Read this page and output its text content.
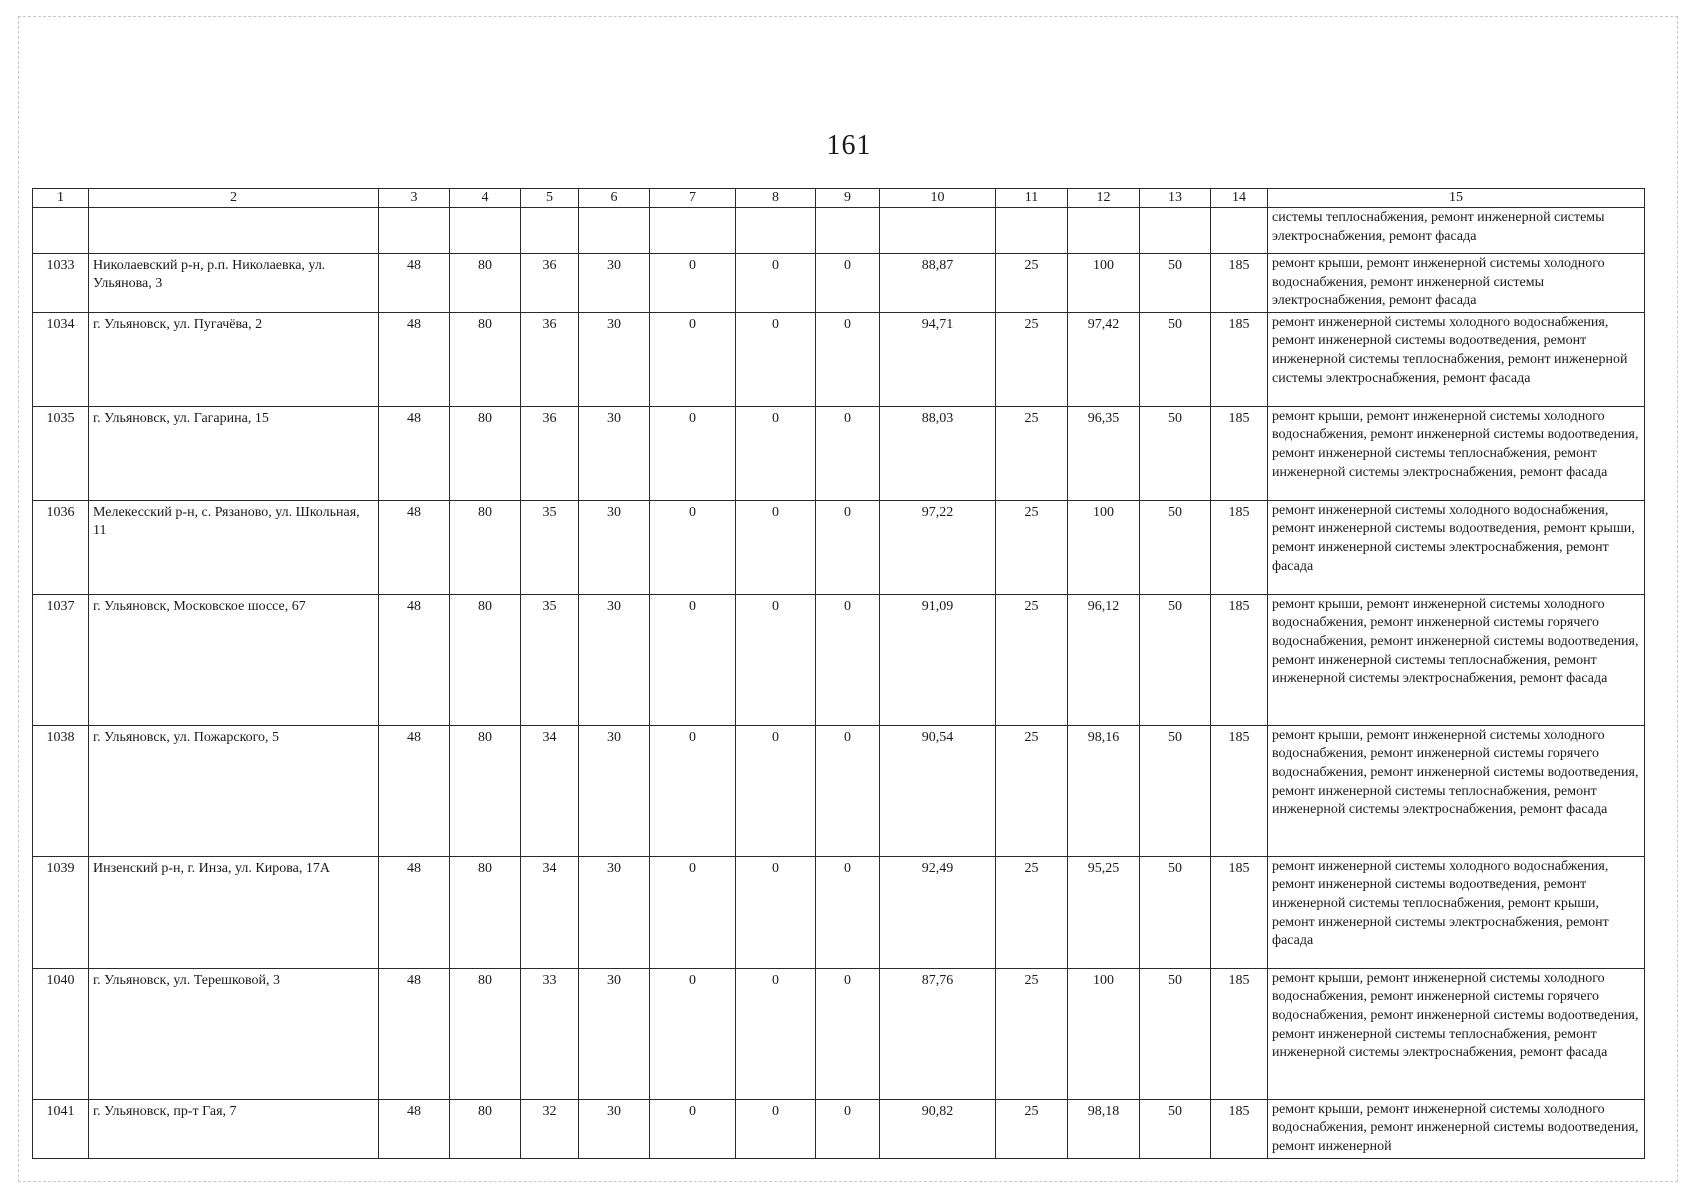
161
1	2	3	4	5	6	7	8	9	10	11	12	13	14	15
														системы теплоснабжения, ремонт инженерной системы электроснабжения, ремонт фасада
1033	Николаевский р-н, р.п. Николаевка, ул. Ульянова, 3	48	80	36	30	0	0	0	88,87	25	100	50	185	ремонт крыши, ремонт инженерной системы холодного водоснабжения, ремонт инженерной системы электроснабжения, ремонт фасада
1034	г. Ульяновск, ул. Пугачёва, 2	48	80	36	30	0	0	0	94,71	25	97,42	50	185	ремонт инженерной системы холодного водоснабжения, ремонт инженерной системы водоотведения, ремонт инженерной системы теплоснабжения, ремонт инженерной системы электроснабжения, ремонт фасада
1035	г. Ульяновск, ул. Гагарина, 15	48	80	36	30	0	0	0	88,03	25	96,35	50	185	ремонт крыши, ремонт инженерной системы холодного водоснабжения, ремонт инженерной системы водоотведения, ремонт инженерной системы теплоснабжения, ремонт инженерной системы электроснабжения, ремонт фасада
1036	Мелекесский р-н, с. Рязаново, ул. Школьная, 11	48	80	35	30	0	0	0	97,22	25	100	50	185	ремонт инженерной системы холодного водоснабжения, ремонт инженерной системы водоотведения, ремонт крыши, ремонт инженерной системы электроснабжения, ремонт фасада
1037	г. Ульяновск, Московское шоссе, 67	48	80	35	30	0	0	0	91,09	25	96,12	50	185	ремонт крыши, ремонт инженерной системы холодного водоснабжения, ремонт инженерной системы горячего водоснабжения, ремонт инженерной системы водоотведения, ремонт инженерной системы теплоснабжения, ремонт инженерной системы электроснабжения, ремонт фасада
1038	г. Ульяновск, ул. Пожарского, 5	48	80	34	30	0	0	0	90,54	25	98,16	50	185	ремонт крыши, ремонт инженерной системы холодного водоснабжения, ремонт инженерной системы горячего водоснабжения, ремонт инженерной системы водоотведения, ремонт инженерной системы теплоснабжения, ремонт инженерной системы электроснабжения, ремонт фасада
1039	Инзенский р-н, г. Инза, ул. Кирова, 17А	48	80	34	30	0	0	0	92,49	25	95,25	50	185	ремонт инженерной системы холодного водоснабжения, ремонт инженерной системы водоотведения, ремонт инженерной системы теплоснабжения, ремонт крыши, ремонт инженерной системы электроснабжения, ремонт фасада
1040	г. Ульяновск, ул. Терешковой, 3	48	80	33	30	0	0	0	87,76	25	100	50	185	ремонт крыши, ремонт инженерной системы холодного водоснабжения, ремонт инженерной системы горячего водоснабжения, ремонт инженерной системы водоотведения, ремонт инженерной системы теплоснабжения, ремонт инженерной системы электроснабжения, ремонт фасада
1041	г. Ульяновск, пр-т Гая, 7	48	80	32	30	0	0	0	90,82	25	98,18	50	185	ремонт крыши, ремонт инженерной системы холодного водоснабжения, ремонт инженерной системы водоотведения, ремонт инженерной
